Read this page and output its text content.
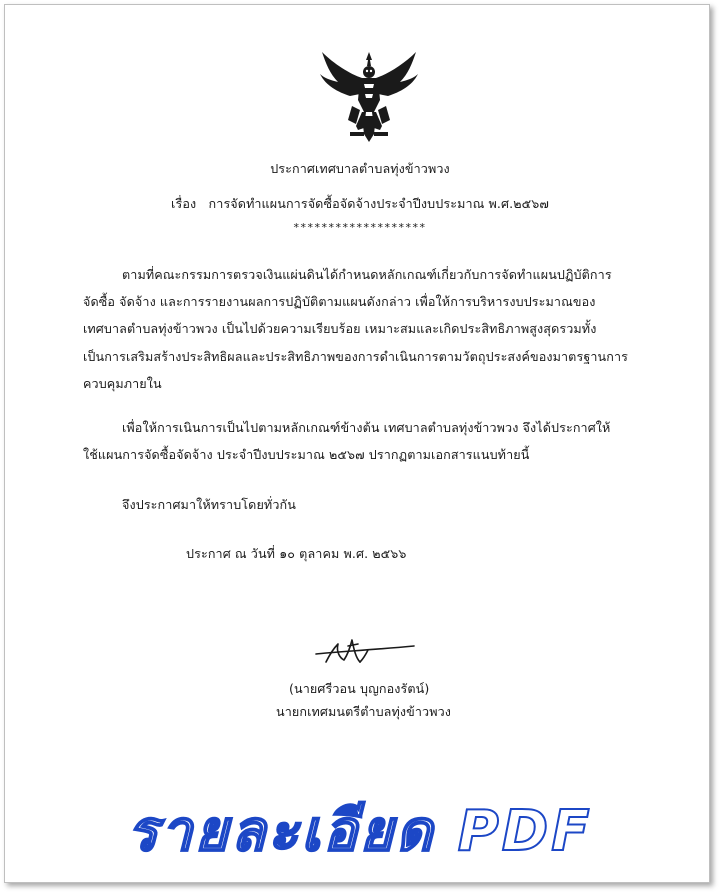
ประกาศเทศบาลตำบลทุ่งข้าวพวง
เรื่อง การจัดทำแผนการจัดซื้อจัดจ้างประจำปีงบประมาณ พ.ศ.๒๕๖๗
*******************
ตามที่คณะกรรมการตรวจเงินแผ่นดินได้กำหนดหลักเกณฑ์เกี่ยวกับการจัดทำแผนปฏิบัติการ
จัดซื้อ จัดจ้าง และการรายงานผลการปฏิบัติตามแผนดังกล่าว เพื่อให้การบริหารงบประมาณของ
เทศบาลตำบลทุ่งข้าวพวง เป็นไปด้วยความเรียบร้อย เหมาะสมและเกิดประสิทธิภาพสูงสุดรวมทั้ง
เป็นการเสริมสร้างประสิทธิผลและประสิทธิภาพของการดำเนินการตามวัตถุประสงค์ของมาตรฐานการ
ควบคุมภายใน
เพื่อให้การเนินการเป็นไปตามหลักเกณฑ์ข้างต้น เทศบาลตำบลทุ่งข้าวพวง จึงได้ประกาศให้
ใช้แผนการจัดซื้อจัดจ้าง ประจำปีงบประมาณ ๒๕๖๗ ปรากฏตามเอกสารแนบท้ายนี้
จึงประกาศมาให้ทราบโดยทั่วกัน
ประกาศ ณ วันที่ ๑๐ ตุลาคม พ.ศ. ๒๕๖๖
(นายศรีวอน บุญกองรัตน์)
นายกเทศมนตรีตำบลทุ่งข้าวพวง
รายละเอียด PDF
